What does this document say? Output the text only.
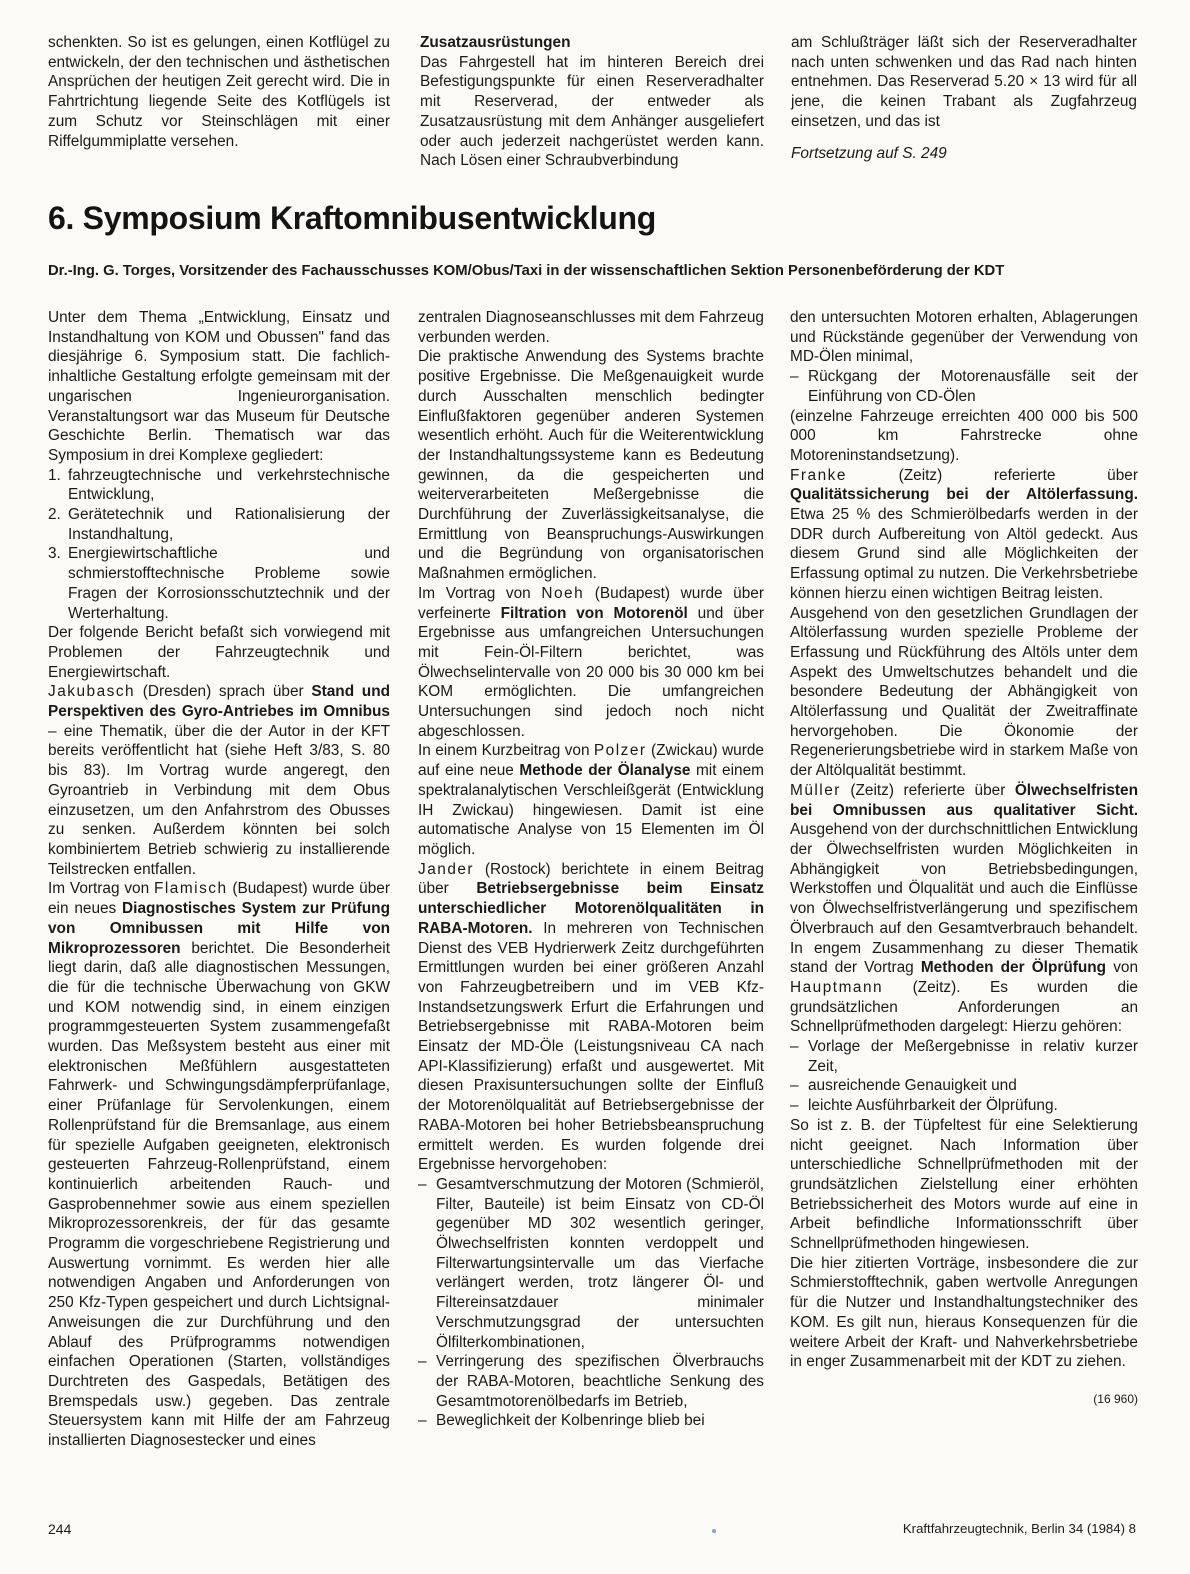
schenkten. So ist es gelungen, einen Kotflügel zu entwickeln, der den technischen und ästhetischen Ansprüchen der heutigen Zeit gerecht wird. Die in Fahrtrichtung liegende Seite des Kotflügels ist zum Schutz vor Steinschlägen mit einer Riffelgummiplatte versehen.

Zusatzausrüstungen

Das Fahrgestell hat im hinteren Bereich drei Befestigungspunkte für einen Reserveradhalter mit Reserverad, der entweder als Zusatzausrüstung mit dem Anhänger ausgeliefert oder auch jederzeit nachgerüstet werden kann. Nach Lösen einer Schraubverbindung

am Schlußträger läßt sich der Reserveradhalter nach unten schwenken und das Rad nach hinten entnehmen. Das Reserverad 5.20 × 13 wird für all jene, die keinen Trabant als Zugfahrzeug einsetzen, und das ist

Fortsetzung auf S. 249

6. Symposium Kraftomnibusentwicklung
Dr.-Ing. G. Torges, Vorsitzender des Fachausschusses KOM/Obus/Taxi in der wissenschaftlichen Sektion Personenbeförderung der KDT

Unter dem Thema „Entwicklung, Einsatz und Instandhaltung von KOM und Obussen" fand das diesjährige 6. Symposium statt. Die fachlich-inhaltliche Gestaltung erfolgte gemeinsam mit der ungarischen Ingenieurorganisation. Veranstaltungsort war das Museum für Deutsche Geschichte Berlin. Thematisch war das Symposium in drei Komplexe gegliedert:

1. fahrzeugtechnische und verkehrstechnische Entwicklung,
2. Gerätetechnik und Rationalisierung der Instandhaltung,
3. Energiewirtschaftliche und schmierstofftechnische Probleme sowie Fragen der Korrosionsschutztechnik und der Werterhaltung.

Der folgende Bericht befaßt sich vorwiegend mit Problemen der Fahrzeugtechnik und Energiewirtschaft.

Jakubasch (Dresden) sprach über Stand und Perspektiven des Gyro-Antriebes im Omnibus – eine Thematik, über die der Autor in der KFT bereits veröffentlicht hat (siehe Heft 3/83, S. 80 bis 83). Im Vortrag wurde angeregt, den Gyroantrieb in Verbindung mit dem Obus einzusetzen, um den Anfahrstrom des Obusses zu senken. Außerdem könnten bei solch kombiniertem Betrieb schwierig zu installierende Teilstrecken entfallen.

Im Vortrag von Flamisch (Budapest) wurde über ein neues Diagnostisches System zur Prüfung von Omnibussen mit Hilfe von Mikroprozessoren berichtet. Die Besonderheit liegt darin, daß alle diagnostischen Messungen, die für die technische Überwachung von GKW und KOM notwendig sind, in einem einzigen programmgesteuerten System zusammengefaßt wurden. Das Meßsystem besteht aus einer mit elektronischen Meßfühlern ausgestatteten Fahrwerk- und Schwingungsdämpferprüfanlage, einer Prüfanlage für Servolenkungen, einem Rollenprüfstand für die Bremsanlage, aus einem für spezielle Aufgaben geeigneten, elektronisch gesteuerten Fahrzeug-Rollenprüfstand, einem kontinuierlich arbeitenden Rauch- und Gasprobennehmer sowie aus einem speziellen Mikroprozessorenkreis, der für das gesamte Programm die vorgeschriebene Registrierung und Auswertung vornimmt. Es werden hier alle notwendigen Angaben und Anforderungen von 250 Kfz-Typen gespeichert und durch Lichtsignal-Anweisungen die zur Durchführung und den Ablauf des Prüfprogramms notwendigen einfachen Operationen (Starten, vollständiges Durchtreten des Gaspedals, Betätigen des Bremspedals usw.) gegeben. Das zentrale Steuersystem kann mit Hilfe der am Fahrzeug installierten Diagnosestecker und eines

zentralen Diagnoseanschlusses mit dem Fahrzeug verbunden werden.

Die praktische Anwendung des Systems brachte positive Ergebnisse. Die Meßgenauigkeit wurde durch Ausschalten menschlich bedingter Einflußfaktoren gegenüber anderen Systemen wesentlich erhöht. Auch für die Weiterentwicklung der Instandhaltungssysteme kann es Bedeutung gewinnen, da die gespeicherten und weiterverarbeiteten Meßergebnisse die Durchführung der Zuverlässigkeitsanalyse, die Ermittlung von Beanspruchungs-Auswirkungen und die Begründung von organisatorischen Maßnahmen ermöglichen.

Im Vortrag von Noeh (Budapest) wurde über verfeinerte Filtration von Motorenöl und über Ergebnisse aus umfangreichen Untersuchungen mit Fein-Öl-Filtern berichtet, was Ölwechselintervalle von 20 000 bis 30 000 km bei KOM ermöglichten. Die umfangreichen Untersuchungen sind jedoch noch nicht abgeschlossen.

In einem Kurzbeitrag von Polzer (Zwickau) wurde auf eine neue Methode der Ölanalyse mit einem spektralanalytischen Verschleißgerät (Entwicklung IH Zwickau) hingewiesen. Damit ist eine automatische Analyse von 15 Elementen im Öl möglich.

Jander (Rostock) berichtete in einem Beitrag über Betriebsergebnisse beim Einsatz unterschiedlicher Motorenölqualitäten in RABA-Motoren. In mehreren von Technischen Dienst des VEB Hydrierwerk Zeitz durchgeführten Ermittlungen wurden bei einer größeren Anzahl von Fahrzeugbetreibern und im VEB Kfz-Instandsetzungswerk Erfurt die Erfahrungen und Betriebsergebnisse mit RABA-Motoren beim Einsatz der MD-Öle (Leistungsniveau CA nach API-Klassifizierung) erfaßt und ausgewertet. Mit diesen Praxisuntersuchungen sollte der Einfluß der Motorenölqualität auf Betriebsergebnisse der RABA-Motoren bei hoher Betriebsbeanspruchung ermittelt werden. Es wurden folgende drei Ergebnisse hervorgehoben:

– Gesamtverschmutzung der Motoren (Schmieröl, Filter, Bauteile) ist beim Einsatz von CD-Öl gegenüber MD 302 wesentlich geringer, Ölwechselfristen konnten verdoppelt und Filterwartungsintervalle um das Vierfache verlängert werden, trotz längerer Öl- und Filtereinsatzdauer minimaler Verschmutzungsgrad der untersuchten Ölfilterkombinationen,
– Verringerung des spezifischen Ölverbrauchs der RABA-Motoren, beachtliche Senkung des Gesamtmotorenölbedarfs im Betrieb,
– Beweglichkeit der Kolbenringe blieb bei

den untersuchten Motoren erhalten, Ablagerungen und Rückstände gegenüber der Verwendung von MD-Ölen minimal,

– Rückgang der Motorenausfälle seit der Einführung von CD-Ölen

(einzelne Fahrzeuge erreichten 400 000 bis 500 000 km Fahrstrecke ohne Motoreninstandsetzung).

Franke (Zeitz) referierte über Qualitätssicherung bei der Altölerfassung. Etwa 25 % des Schmierölbedarfs werden in der DDR durch Aufbereitung von Altöl gedeckt. Aus diesem Grund sind alle Möglichkeiten der Erfassung optimal zu nutzen. Die Verkehrsbetriebe können hierzu einen wichtigen Beitrag leisten.

Ausgehend von den gesetzlichen Grundlagen der Altölerfassung wurden spezielle Probleme der Erfassung und Rückführung des Altöls unter dem Aspekt des Umweltschutzes behandelt und die besondere Bedeutung der Abhängigkeit von Altölerfassung und Qualität der Zweitraffinate hervorgehoben. Die Ökonomie der Regenerierungsbetriebe wird in starkem Maße von der Altölqualität bestimmt.

Müller (Zeitz) referierte über Ölwechselfristen bei Omnibussen aus qualitativer Sicht. Ausgehend von der durchschnittlichen Entwicklung der Ölwechselfristen wurden Möglichkeiten in Abhängigkeit von Betriebsbedingungen, Werkstoffen und Ölqualität und auch die Einflüsse von Ölwechselfristverlängerung und spezifischem Ölverbrauch auf den Gesamtverbrauch behandelt. In engem Zusammenhang zu dieser Thematik stand der Vortrag Methoden der Ölprüfung von Hauptmann (Zeitz). Es wurden die grundsätzlichen Anforderungen an Schnellprüfmethoden dargelegt: Hierzu gehören:

– Vorlage der Meßergebnisse in relativ kurzer Zeit,
– ausreichende Genauigkeit und
– leichte Ausführbarkeit der Ölprüfung.

So ist z. B. der Tüpfeltest für eine Selektierung nicht geeignet. Nach Information über unterschiedliche Schnellprüfmethoden mit der grundsätzlichen Zielstellung einer erhöhten Betriebssicherheit des Motors wurde auf eine in Arbeit befindliche Informationsschrift über Schnellprüfmethoden hingewiesen.

Die hier zitierten Vorträge, insbesondere die zur Schmierstofftechnik, gaben wertvolle Anregungen für die Nutzer und Instandhaltungstechniker des KOM. Es gilt nun, hieraus Konsequenzen für die weitere Arbeit der Kraft- und Nahverkehrsbetriebe in enger Zusammenarbeit mit der KDT zu ziehen.

(16 960)

244	Kraftfahrzeugtechnik, Berlin 34 (1984) 8
